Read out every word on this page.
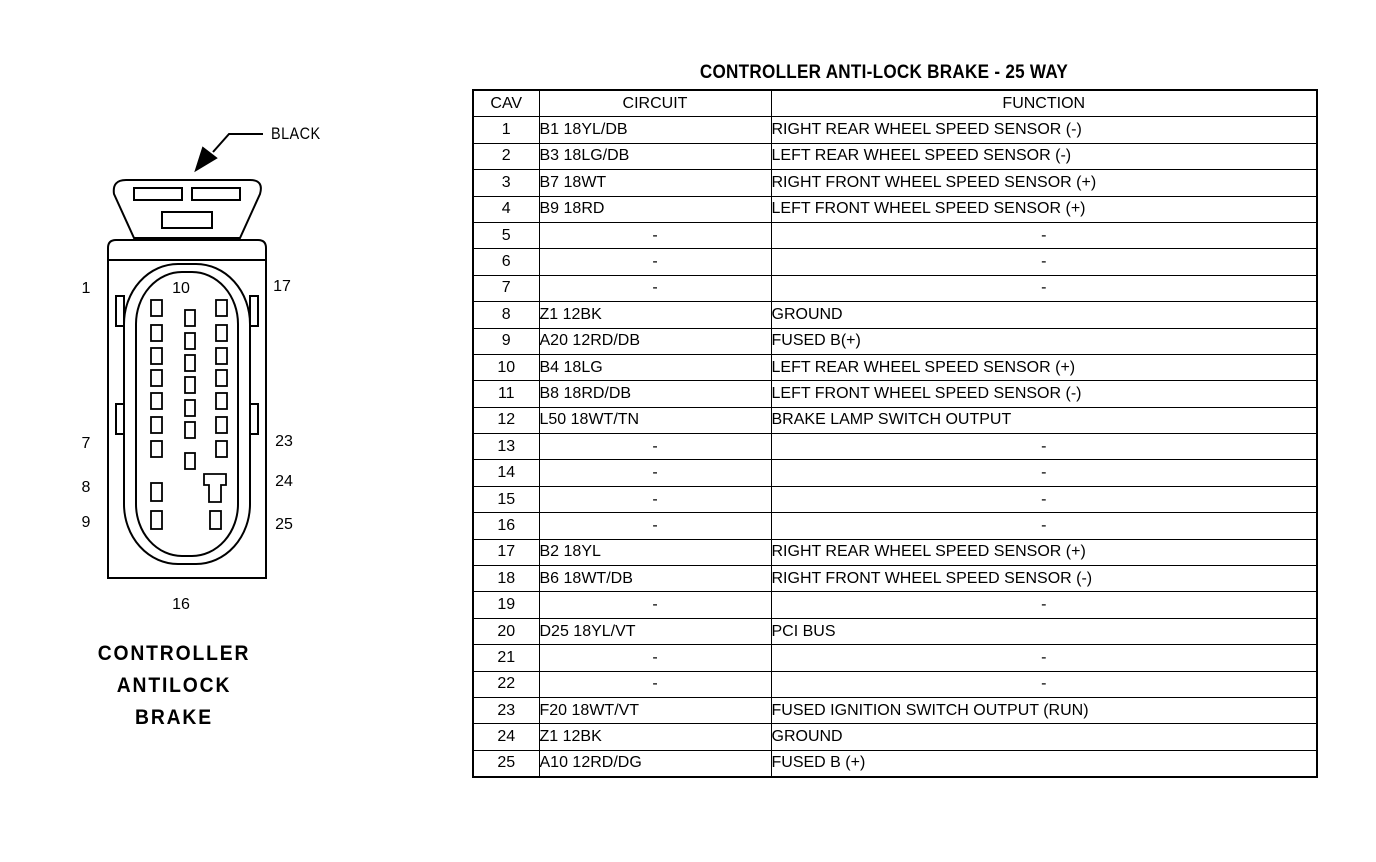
1	10	17
7	23
8	24
9	25
16
BLACK
CONTROLLER
ANTILOCK
BRAKE
CONTROLLER ANTI-LOCK BRAKE - 25 WAY
CAV	CIRCUIT	FUNCTION
1	B1 18YL/DB	RIGHT REAR WHEEL SPEED SENSOR (-)
2	B3 18LG/DB	LEFT REAR WHEEL SPEED SENSOR (-)
3	B7 18WT	RIGHT FRONT WHEEL SPEED SENSOR (+)
4	B9 18RD	LEFT FRONT WHEEL SPEED SENSOR (+)
5	-	-
6	-	-
7	-	-
8	Z1 12BK	GROUND
9	A20 12RD/DB	FUSED B(+)
10	B4 18LG	LEFT REAR WHEEL SPEED SENSOR (+)
11	B8 18RD/DB	LEFT FRONT WHEEL SPEED SENSOR (-)
12	L50 18WT/TN	BRAKE LAMP SWITCH OUTPUT
13	-	-
14	-	-
15	-	-
16	-	-
17	B2 18YL	RIGHT REAR WHEEL SPEED SENSOR (+)
18	B6 18WT/DB	RIGHT FRONT WHEEL SPEED SENSOR (-)
19	-	-
20	D25 18YL/VT	PCI BUS
21	-	-
22	-	-
23	F20 18WT/VT	FUSED IGNITION SWITCH OUTPUT (RUN)
24	Z1 12BK	GROUND
25	A10 12RD/DG	FUSED B (+)
